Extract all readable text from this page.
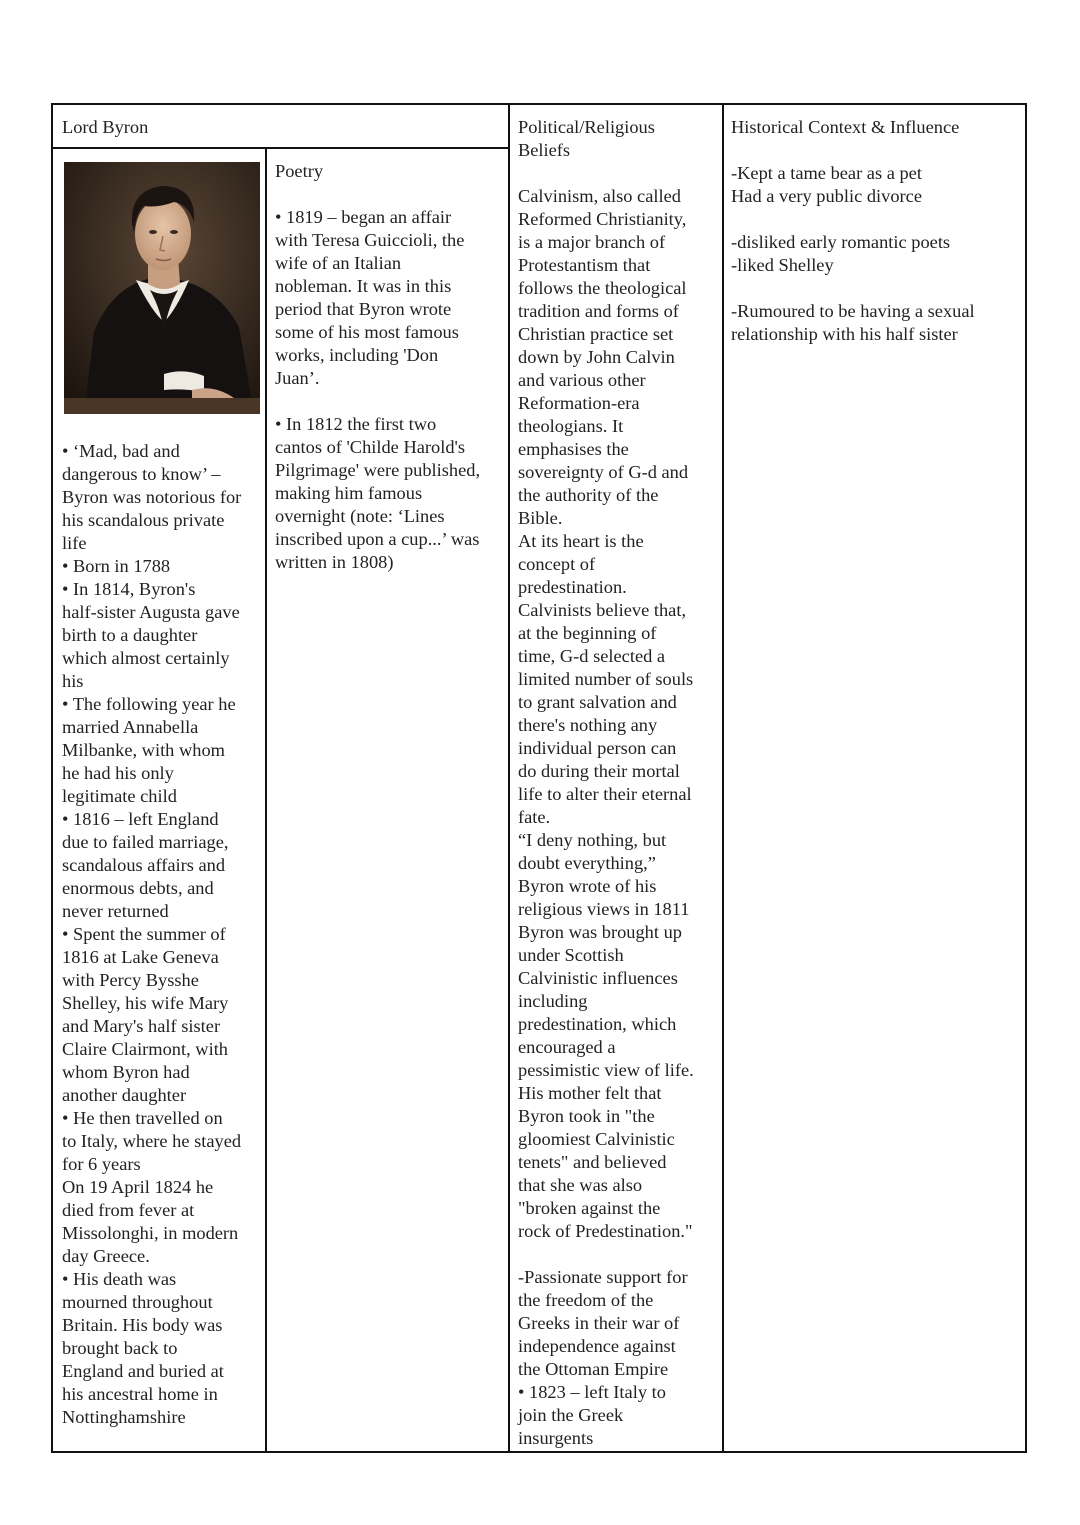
Lord Byron	Political/Religious
Beliefs
Historical Context & Influence
• ‘Mad, bad and
dangerous to know’ –
Byron was notorious for
his scandalous private
life
• Born in 1788
• In 1814, Byron's
half-sister Augusta gave
birth to a daughter
which almost certainly
his
• The following year he
married Annabella
Milbanke, with whom
he had his only
legitimate child
• 1816 – left England
due to failed marriage,
scandalous affairs and
enormous debts, and
never returned
• Spent the summer of
1816 at Lake Geneva
with Percy Bysshe
Shelley, his wife Mary
and Mary's half sister
Claire Clairmont, with
whom Byron had
another daughter
• He then travelled on
to Italy, where he stayed
for 6 years
On 19 April 1824 he
died from fever at
Missolonghi, in modern
day Greece.
• His death was
mourned throughout
Britain. His body was
brought back to
England and buried at
his ancestral home in
Nottinghamshire
Poetry
• 1819 – began an affair
with Teresa Guiccioli, the
wife of an Italian
nobleman. It was in this
period that Byron wrote
some of his most famous
works, including 'Don
Juan’.
• In 1812 the first two
cantos of 'Childe Harold's
Pilgrimage' were published,
making him famous
overnight (note: ‘Lines
inscribed upon a cup...’ was
written in 1808)
Calvinism, also called
Reformed Christianity,
is a major branch of
Protestantism that
follows the theological
tradition and forms of
Christian practice set
down by John Calvin
and various other
Reformation-era
theologians. It
emphasises the
sovereignty of G-d and
the authority of the
Bible.
At its heart is the
concept of
predestination.
Calvinists believe that,
at the beginning of
time, G-d selected a
limited number of souls
to grant salvation and
there's nothing any
individual person can
do during their mortal
life to alter their eternal
fate.
“I deny nothing, but
doubt everything,”
Byron wrote of his
religious views in 1811
Byron was brought up
under Scottish
Calvinistic influences
including
predestination, which
encouraged a
pessimistic view of life.
His mother felt that
Byron took in "the
gloomiest Calvinistic
tenets" and believed
that she was also
"broken against the
rock of Predestination."
-Passionate support for
the freedom of the
Greeks in their war of
independence against
the Ottoman Empire
• 1823 – left Italy to
join the Greek
insurgents
-Kept a tame bear as a pet
Had a very public divorce
-disliked early romantic poets
-liked Shelley
-Rumoured to be having a sexual
relationship with his half sister
